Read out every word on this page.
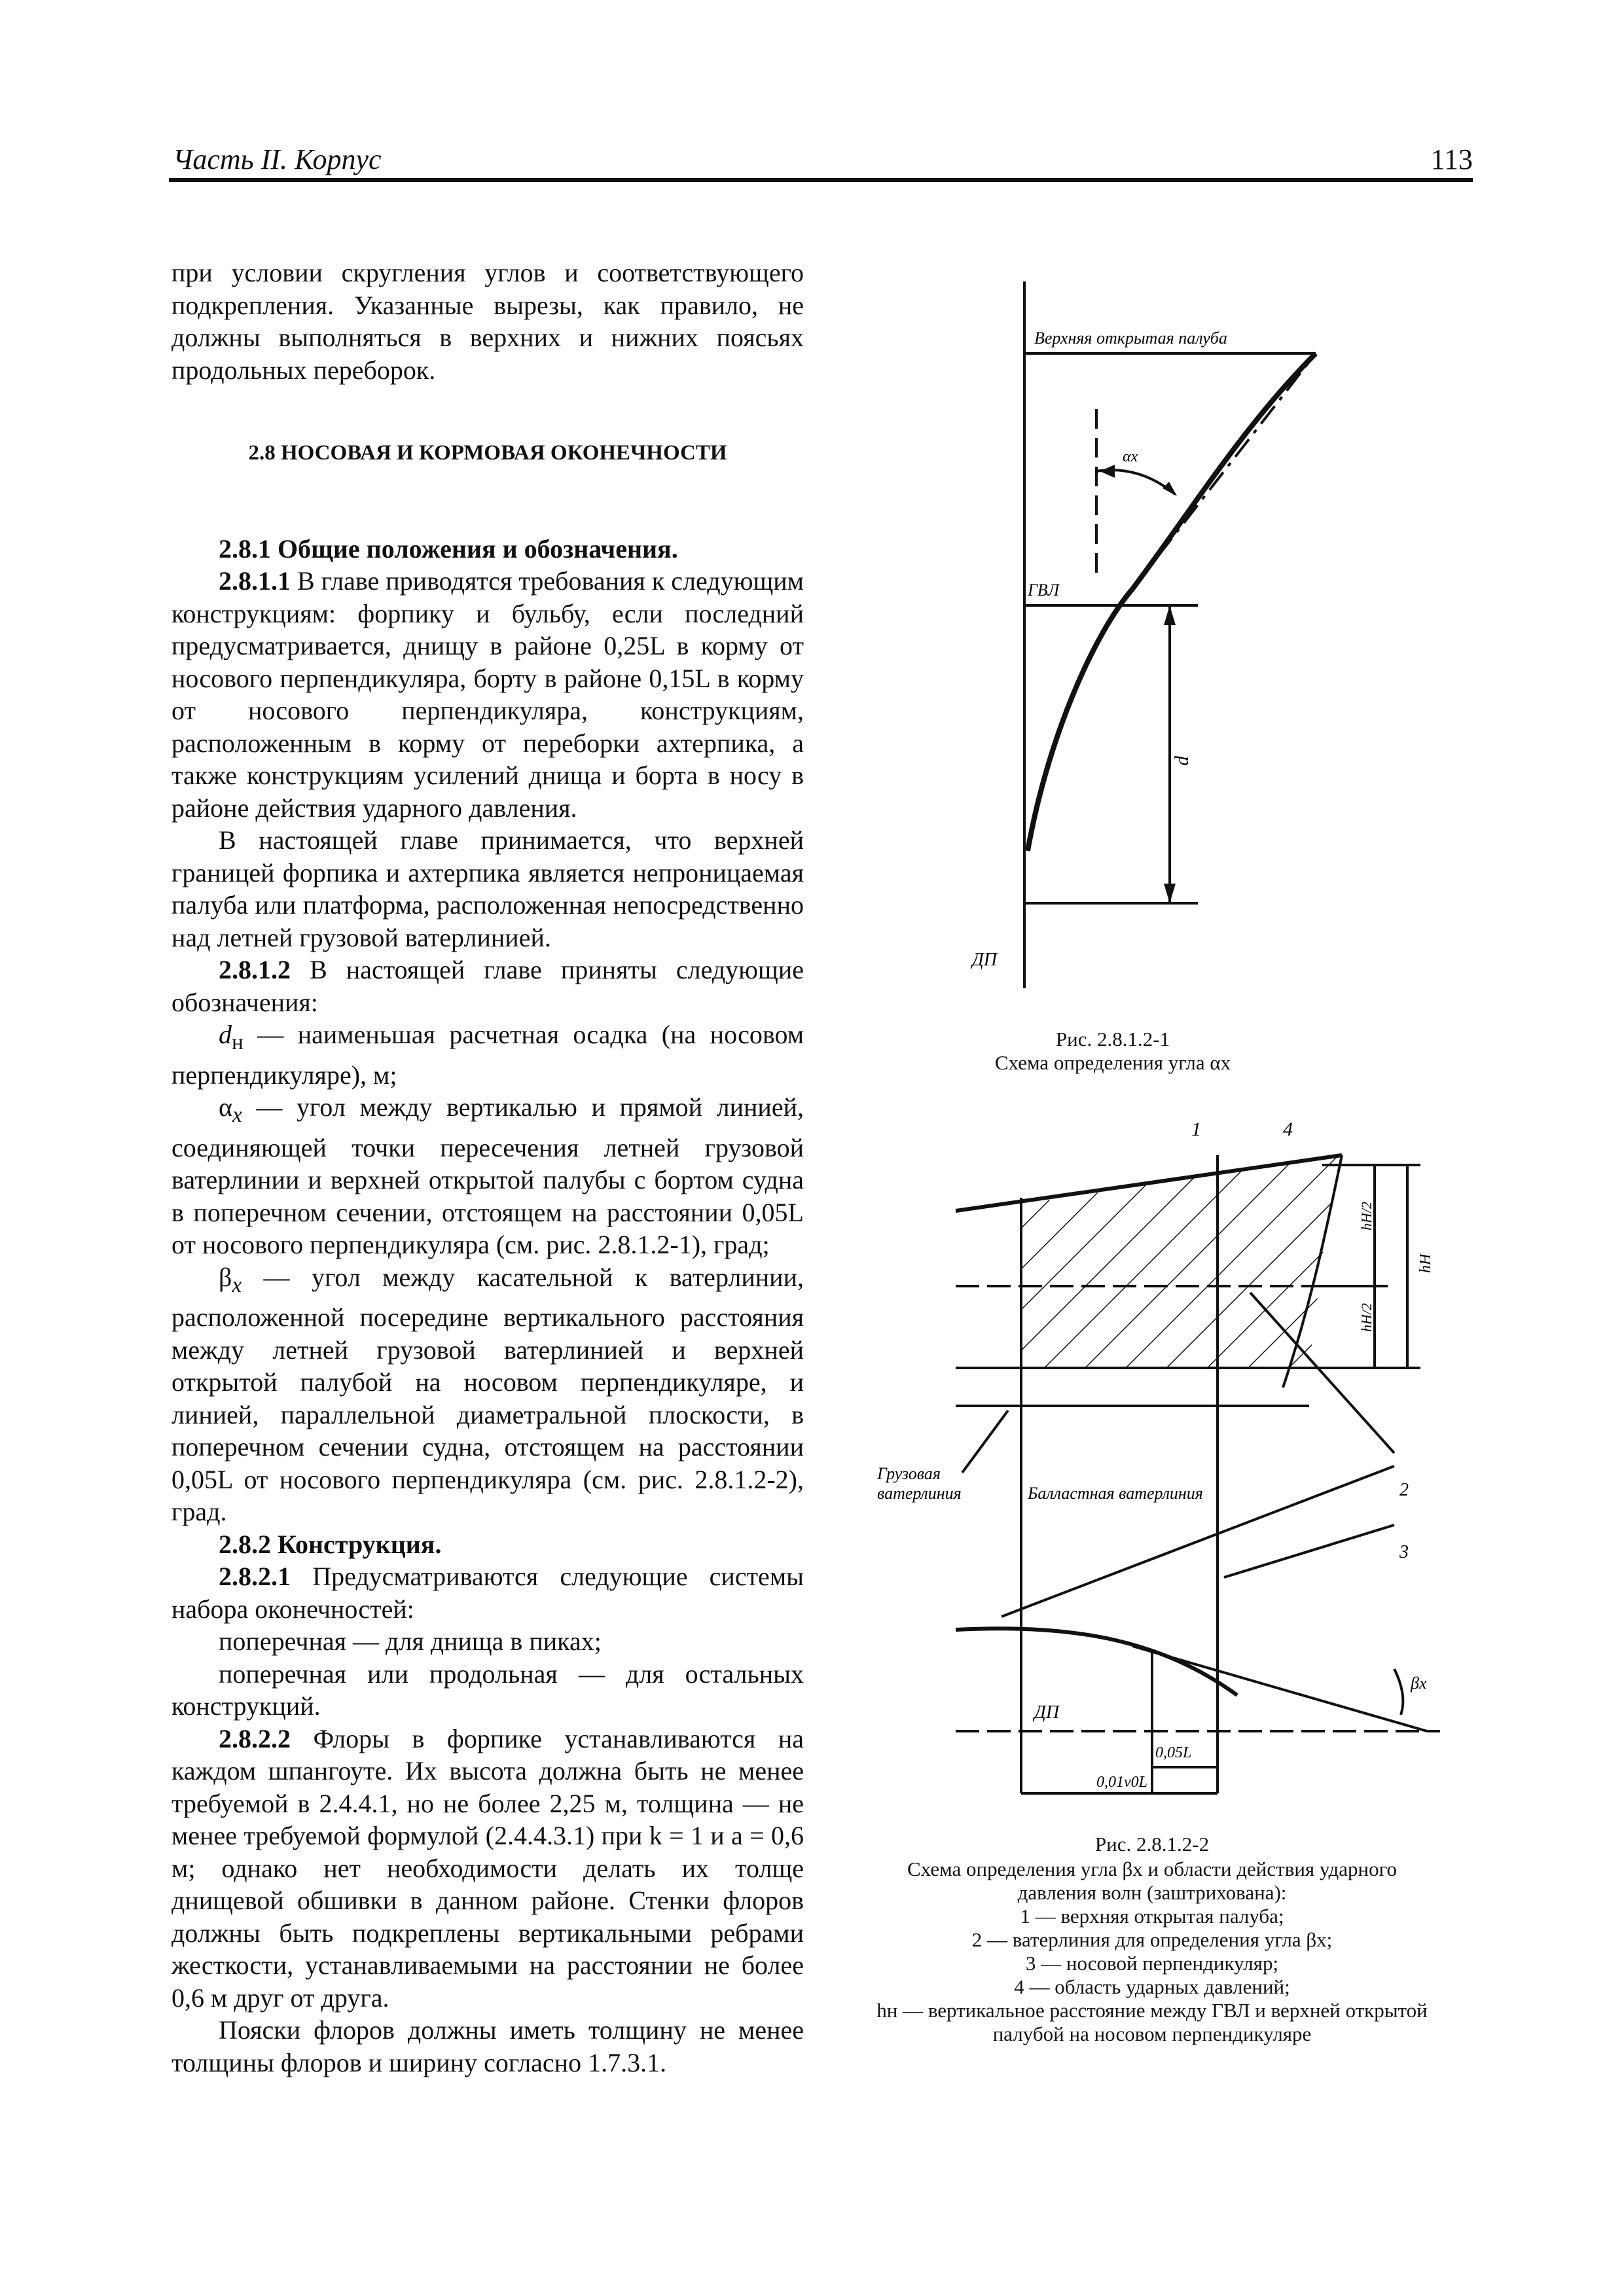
Часть II. Корпус	113

при условии скругления углов и соответствующего подкрепления. Указанные вырезы, как правило, не должны выполняться в верхних и нижних поясьях продольных переборок.

2.8 НОСОВАЯ И КОРМОВАЯ ОКОНЕЧНОСТИ

2.8.1 Общие положения и обозначения.

2.8.1.1 В главе приводятся требования к следующим конструкциям: форпику и бульбу, если последний предусматривается, днищу в районе 0,25L в корму от носового перпендикуляра, борту в районе 0,15L в корму от носового перпендикуляра, конструкциям, расположенным в корму от переборки ахтерпика, а также конструкциям усилений днища и борта в носу в районе действия ударного давления.

В настоящей главе принимается, что верхней границей форпика и ахтерпика является непроницаемая палуба или платформа, расположенная непосредственно над летней грузовой ватерлинией.

2.8.1.2 В настоящей главе приняты следующие обозначения:

$d_н$ — наименьшая расчетная осадка (на носовом перпендикуляре), м;

$\alpha_x$ — угол между вертикалью и прямой линией, соединяющей точки пересечения летней грузовой ватерлинии и верхней открытой палубы с бортом судна в поперечном сечении, отстоящем на расстоянии 0,05L от носового перпендикуляра (см. рис. 2.8.1.2-1), град;

$\beta_x$ — угол между касательной к ватерлинии, расположенной посередине вертикального расстояния между летней грузовой ватерлинией и верхней открытой палубой на носовом перпендикуляре, и линией, параллельной диаметральной плоскости, в поперечном сечении судна, отстоящем на расстоянии 0,05L от носового перпендикуляра (см. рис. 2.8.1.2-2), град.

2.8.2 Конструкция.

2.8.2.1 Предусматриваются следующие системы набора оконечностей:

поперечная — для днища в пиках;

поперечная или продольная — для остальных конструкций.

2.8.2.2 Флоры в форпике устанавливаются на каждом шпангоуте. Их высота должна быть не менее требуемой в 2.4.4.1, но не более 2,25 м, толщина — не менее требуемой формулой (2.4.4.3.1) при k = 1 и a = 0,6 м; однако нет необходимости делать их толще днищевой обшивки в данном районе. Стенки флоров должны быть подкреплены вертикальными ребрами жесткости, устанавливаемыми на расстоянии не более 0,6 м друг от друга.

Пояски флоров должны иметь толщину не менее толщины флоров и ширину согласно 1.7.3.1.

Верхняя открытая палуба
αx
ГВЛ
d
ДП
Рис. 2.8.1.2-1
Схема определения угла αx
1	4
hH/2
hH/2
hH
Грузовая
ватерлиния	Балластная ватерлиния	2
3
βx
ДП
0,05L
0,01v0L
Рис. 2.8.1.2-2
Схема определения угла βx и области действия ударного
давления волн (заштрихована):
1 — верхняя открытая палуба;
2 — ватерлиния для определения угла βx;
3 — носовой перпендикуляр;
4 — область ударных давлений;
hн — вертикальное расстояние между ГВЛ и верхней открытой
палубой на носовом перпендикуляре
